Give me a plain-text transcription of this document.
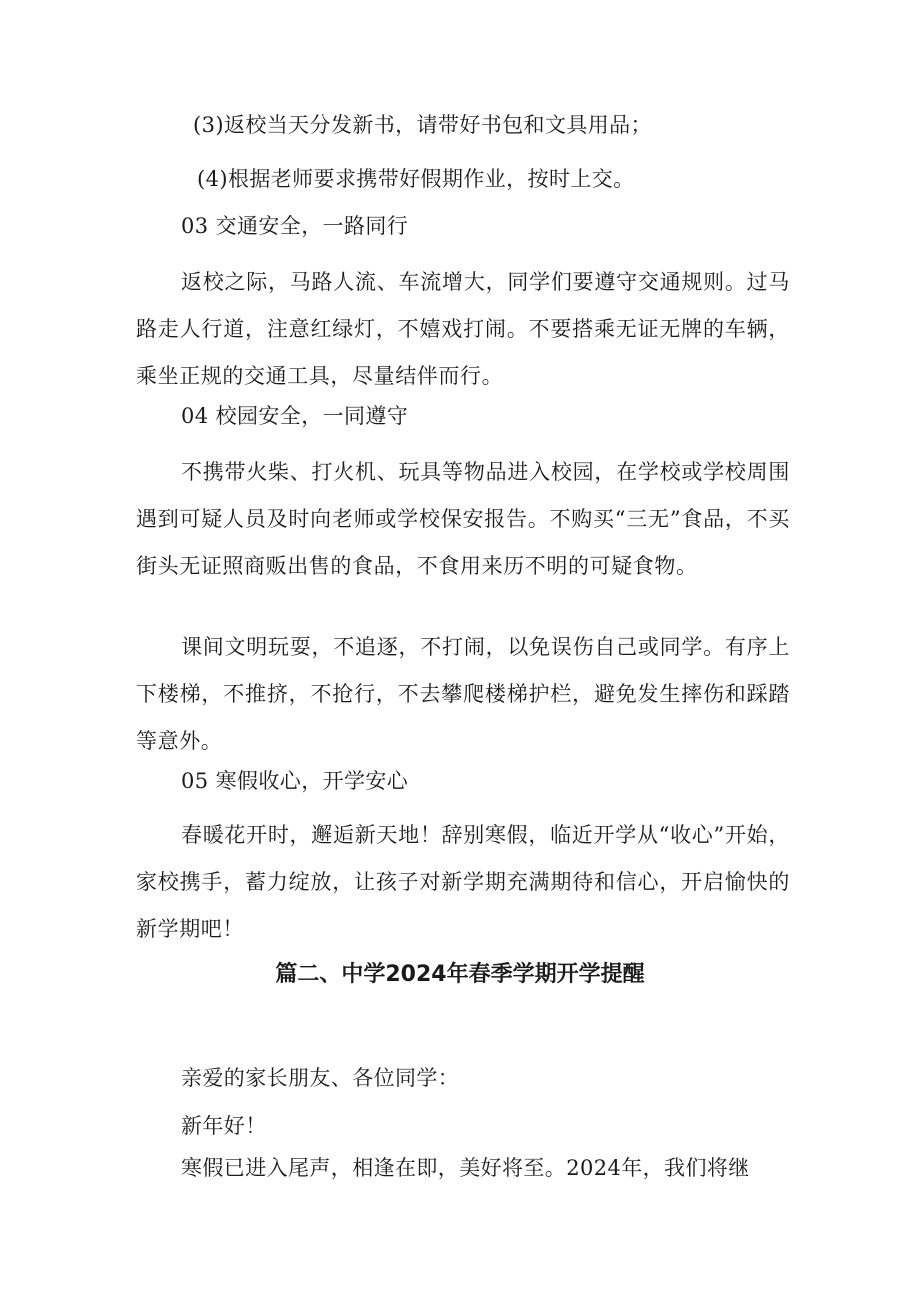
(3)返校当天分发新书，请带好书包和文具用品；

(4)根据老师要求携带好假期作业，按时上交。

03 交通安全，一路同行

返校之际，马路人流、车流增大，同学们要遵守交通规则。过马路走人行道，注意红绿灯，不嬉戏打闹。不要搭乘无证无牌的车辆，乘坐正规的交通工具，尽量结伴而行。

04 校园安全，一同遵守

不携带火柴、打火机、玩具等物品进入校园，在学校或学校周围遇到可疑人员及时向老师或学校保安报告。不购买“三无”食品，不买街头无证照商贩出售的食品，不食用来历不明的可疑食物。

课间文明玩耍，不追逐，不打闹，以免误伤自己或同学。有序上下楼梯，不推挤，不抢行，不去攀爬楼梯护栏，避免发生摔伤和踩踏等意外。

05 寒假收心，开学安心

春暖花开时，邂逅新天地！辞别寒假，临近开学从“收心”开始，家校携手，蓄力绽放，让孩子对新学期充满期待和信心，开启愉快的新学期吧！

篇二、中学2024年春季学期开学提醒

亲爱的家长朋友、各位同学：

新年好！

寒假已进入尾声，相逢在即，美好将至。2024年，我们将继
